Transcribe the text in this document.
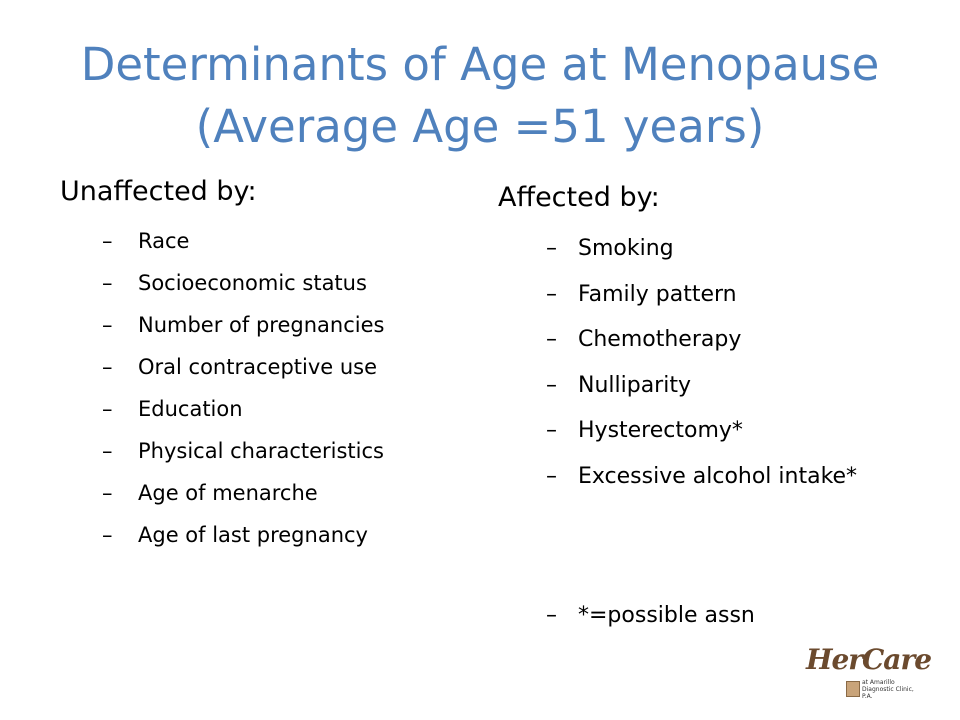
Determinants of Age at Menopause
(Average Age =51 years)
Unaffected by:
– Race
– Socioeconomic status
– Number of pregnancies
– Oral contraceptive use
– Education
– Physical characteristics
– Age of menarche
– Age of last pregnancy
Affected by:
– Smoking
– Family pattern
– Chemotherapy
– Nulliparity
– Hysterectomy*
– Excessive alcohol intake*
– *=possible assn
HerCare
at Amarillo Diagnostic Clinic, P.A.
